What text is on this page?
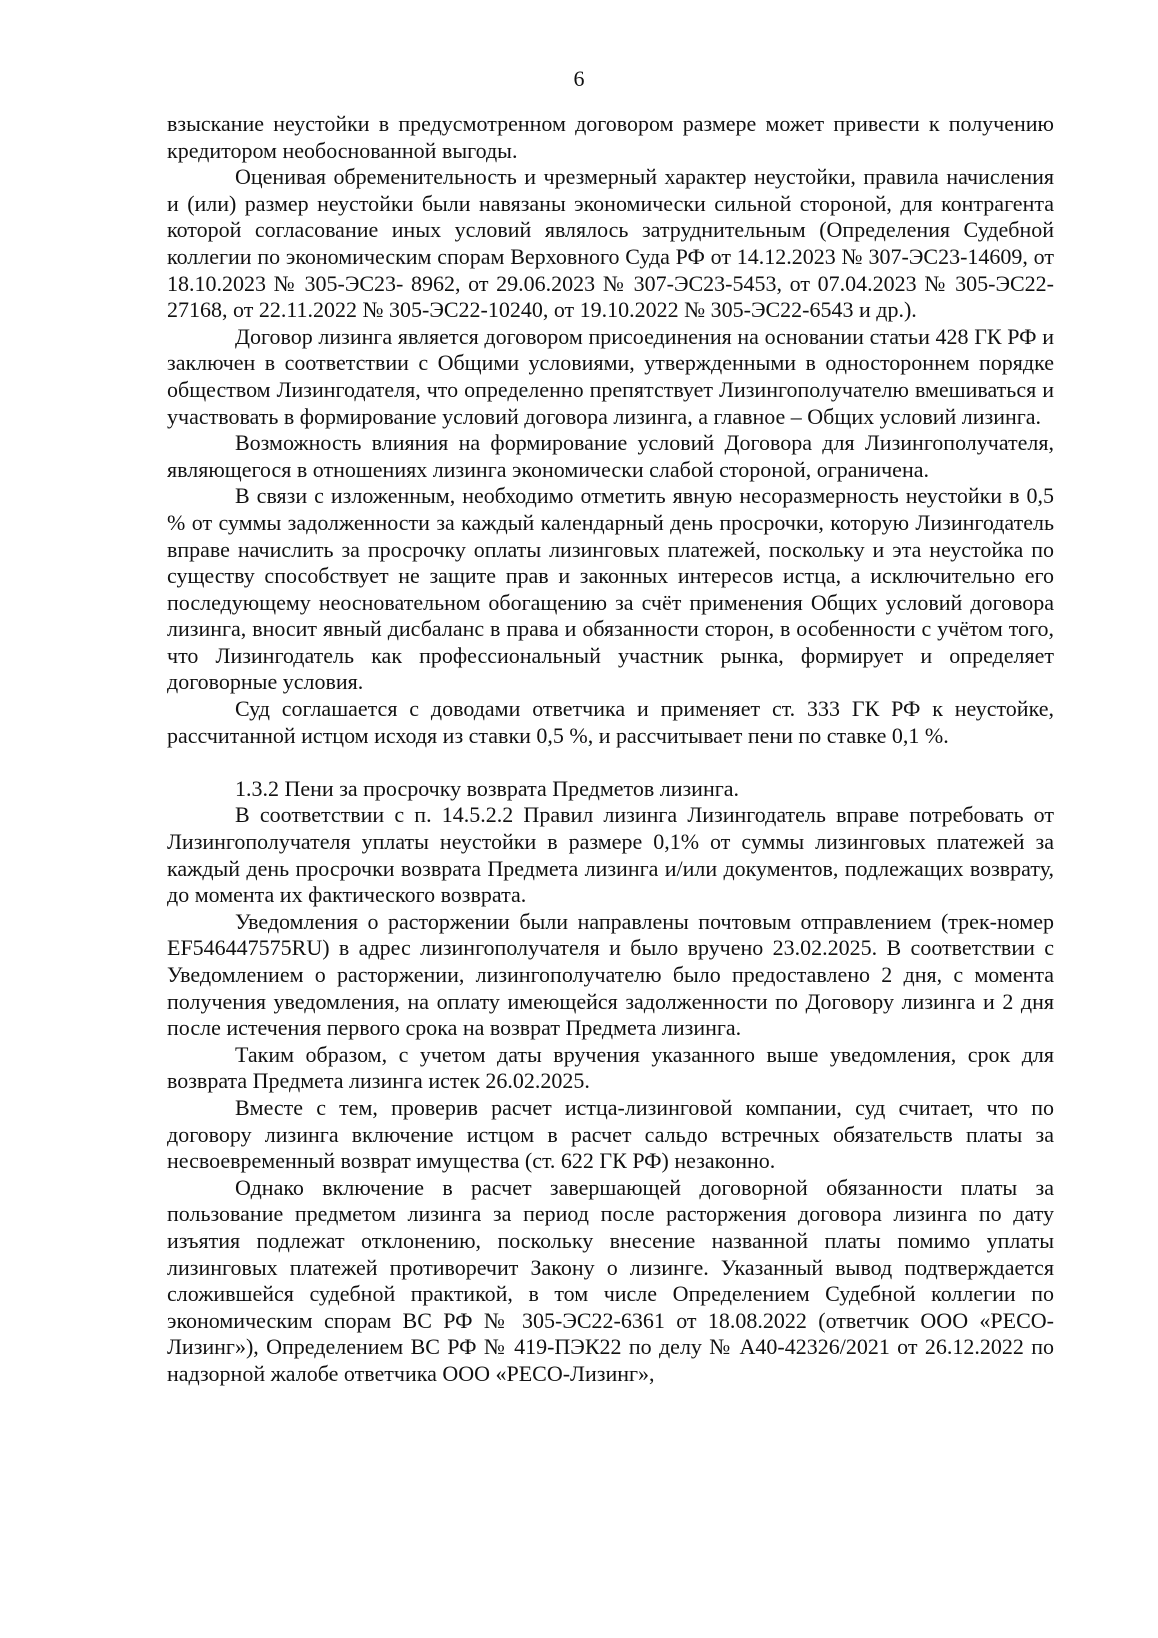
6

взыскание неустойки в предусмотренном договором размере может привести к получению кредитором необоснованной выгоды.

Оценивая обременительность и чрезмерный характер неустойки, правила начисления и (или) размер неустойки были навязаны экономически сильной стороной, для контрагента которой согласование иных условий являлось затруднительным (Определения Судебной коллегии по экономическим спорам Верховного Суда РФ от 14.12.2023 № 307-ЭС23-14609, от 18.10.2023 № 305-ЭС23- 8962, от 29.06.2023 № 307-ЭС23-5453, от 07.04.2023 № 305-ЭС22-27168, от 22.11.2022 № 305-ЭС22-10240, от 19.10.2022 № 305-ЭС22-6543 и др.).

Договор лизинга является договором присоединения на основании статьи 428 ГК РФ и заключен в соответствии с Общими условиями, утвержденными в одностороннем порядке обществом Лизингодателя, что определенно препятствует Лизингополучателю вмешиваться и участвовать в формирование условий договора лизинга, а главное – Общих условий лизинга.

Возможность влияния на формирование условий Договора для Лизингополучателя, являющегося в отношениях лизинга экономически слабой стороной, ограничена.

В связи с изложенным, необходимо отметить явную несоразмерность неустойки в 0,5 % от суммы задолженности за каждый календарный день просрочки, которую Лизингодатель вправе начислить за просрочку оплаты лизинговых платежей, поскольку и эта неустойка по существу способствует не защите прав и законных интересов истца, а исключительно его последующему неосновательном обогащению за счёт применения Общих условий договора лизинга, вносит явный дисбаланс в права и обязанности сторон, в особенности с учётом того, что Лизингодатель как профессиональный участник рынка, формирует и определяет договорные условия.

Суд соглашается с доводами ответчика и применяет ст. 333 ГК РФ к неустойке, рассчитанной истцом исходя из ставки 0,5 %, и рассчитывает пени по ставке 0,1 %.

1.3.2 Пени за просрочку возврата Предметов лизинга.

В соответствии с п. 14.5.2.2 Правил лизинга Лизингодатель вправе потребовать от Лизингополучателя уплаты неустойки в размере 0,1% от суммы лизинговых платежей за каждый день просрочки возврата Предмета лизинга и/или документов, подлежащих возврату, до момента их фактического возврата.

Уведомления о расторжении были направлены почтовым отправлением (трек-номер EF546447575RU) в адрес лизингополучателя и было вручено 23.02.2025. В соответствии с Уведомлением о расторжении, лизингополучателю было предоставлено 2 дня, с момента получения уведомления, на оплату имеющейся задолженности по Договору лизинга и 2 дня после истечения первого срока на возврат Предмета лизинга.

Таким образом, с учетом даты вручения указанного выше уведомления, срок для возврата Предмета лизинга истек 26.02.2025.

Вместе с тем, проверив расчет истца-лизинговой компании, суд считает, что по договору лизинга включение истцом в расчет сальдо встречных обязательств платы за несвоевременный возврат имущества (ст. 622 ГК РФ) незаконно.

Однако включение в расчет завершающей договорной обязанности платы за пользование предметом лизинга за период после расторжения договора лизинга по дату изъятия подлежат отклонению, поскольку внесение названной платы помимо уплаты лизинговых платежей противоречит Закону о лизинге. Указанный вывод подтверждается сложившейся судебной практикой, в том числе Определением Судебной коллегии по экономическим спорам ВС РФ № 305-ЭС22-6361 от 18.08.2022 (ответчик ООО «РЕСО-Лизинг»), Определением ВС РФ № 419-ПЭК22 по делу № А40-42326/2021 от 26.12.2022 по надзорной жалобе ответчика ООО «РЕСО-Лизинг»,
